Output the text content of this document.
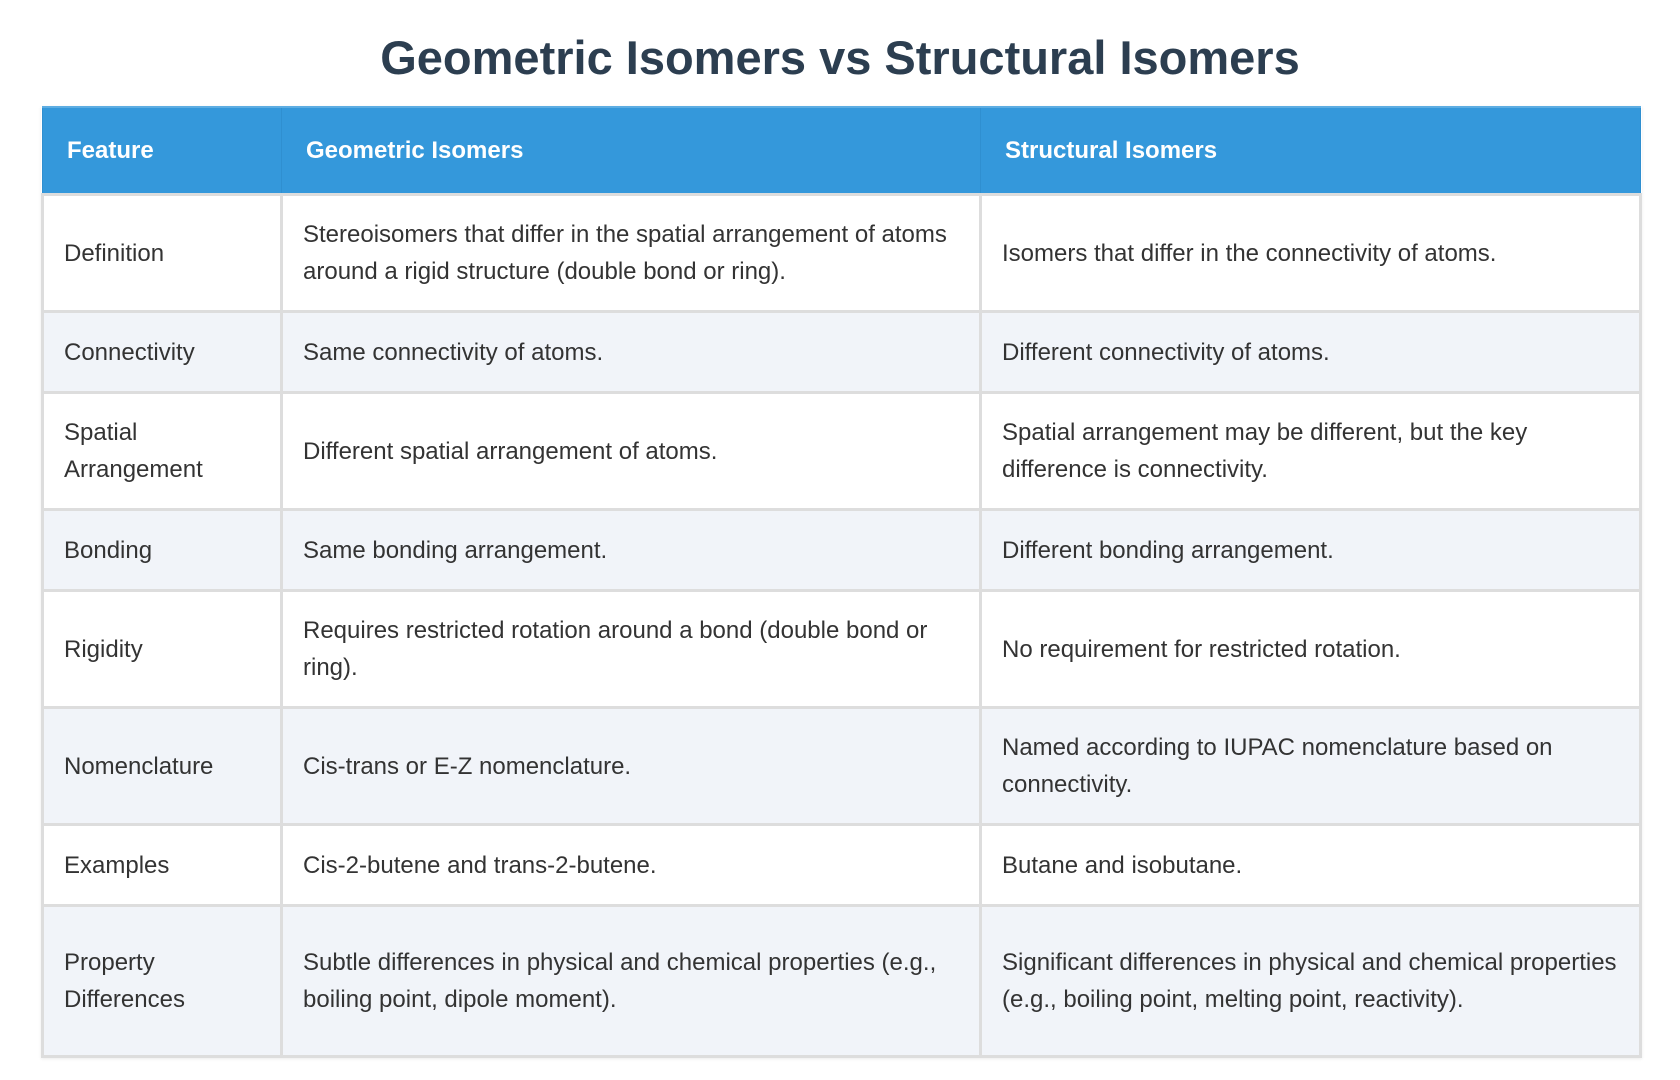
Geometric Isomers vs Structural Isomers
Feature	Geometric Isomers	Structural Isomers
Definition	Stereoisomers that differ in the spatial arrangement of atoms around a rigid structure (double bond or ring).	Isomers that differ in the connectivity of atoms.
Connectivity	Same connectivity of atoms.	Different connectivity of atoms.
Spatial Arrangement	Different spatial arrangement of atoms.	Spatial arrangement may be different, but the key difference is connectivity.
Bonding	Same bonding arrangement.	Different bonding arrangement.
Rigidity	Requires restricted rotation around a bond (double bond or ring).	No requirement for restricted rotation.
Nomenclature	Cis-trans or E-Z nomenclature.	Named according to IUPAC nomenclature based on connectivity.
Examples	Cis-2-butene and trans-2-butene.	Butane and isobutane.
Property Differences	Subtle differences in physical and chemical properties (e.g., boiling point, dipole moment).	Significant differences in physical and chemical properties (e.g., boiling point, melting point, reactivity).
